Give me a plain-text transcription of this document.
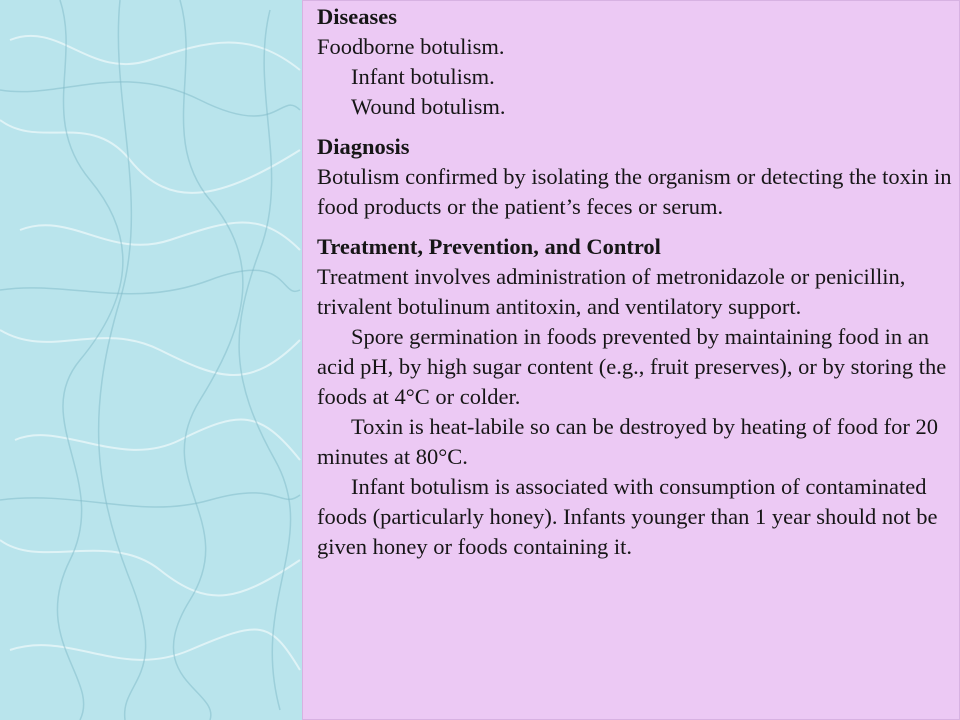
Diseases
Foodborne botulism.
Infant botulism.
Wound botulism.
Diagnosis
Botulism confirmed by isolating the organism or detecting the toxin in food products or the patient’s feces or serum.
Treatment, Prevention, and Control
Treatment involves administration of metronidazole or penicillin, trivalent botulinum antitoxin, and ventilatory support.
Spore germination in foods prevented by maintaining food in an acid pH, by high sugar content (e.g., fruit preserves), or by storing the foods at 4°C or colder.
Toxin is heat-labile so can be destroyed by heating of food for 20 minutes at 80°C.
Infant botulism is associated with consumption of contaminated foods (particularly honey). Infants younger than 1 year should not be given honey or foods containing it.
